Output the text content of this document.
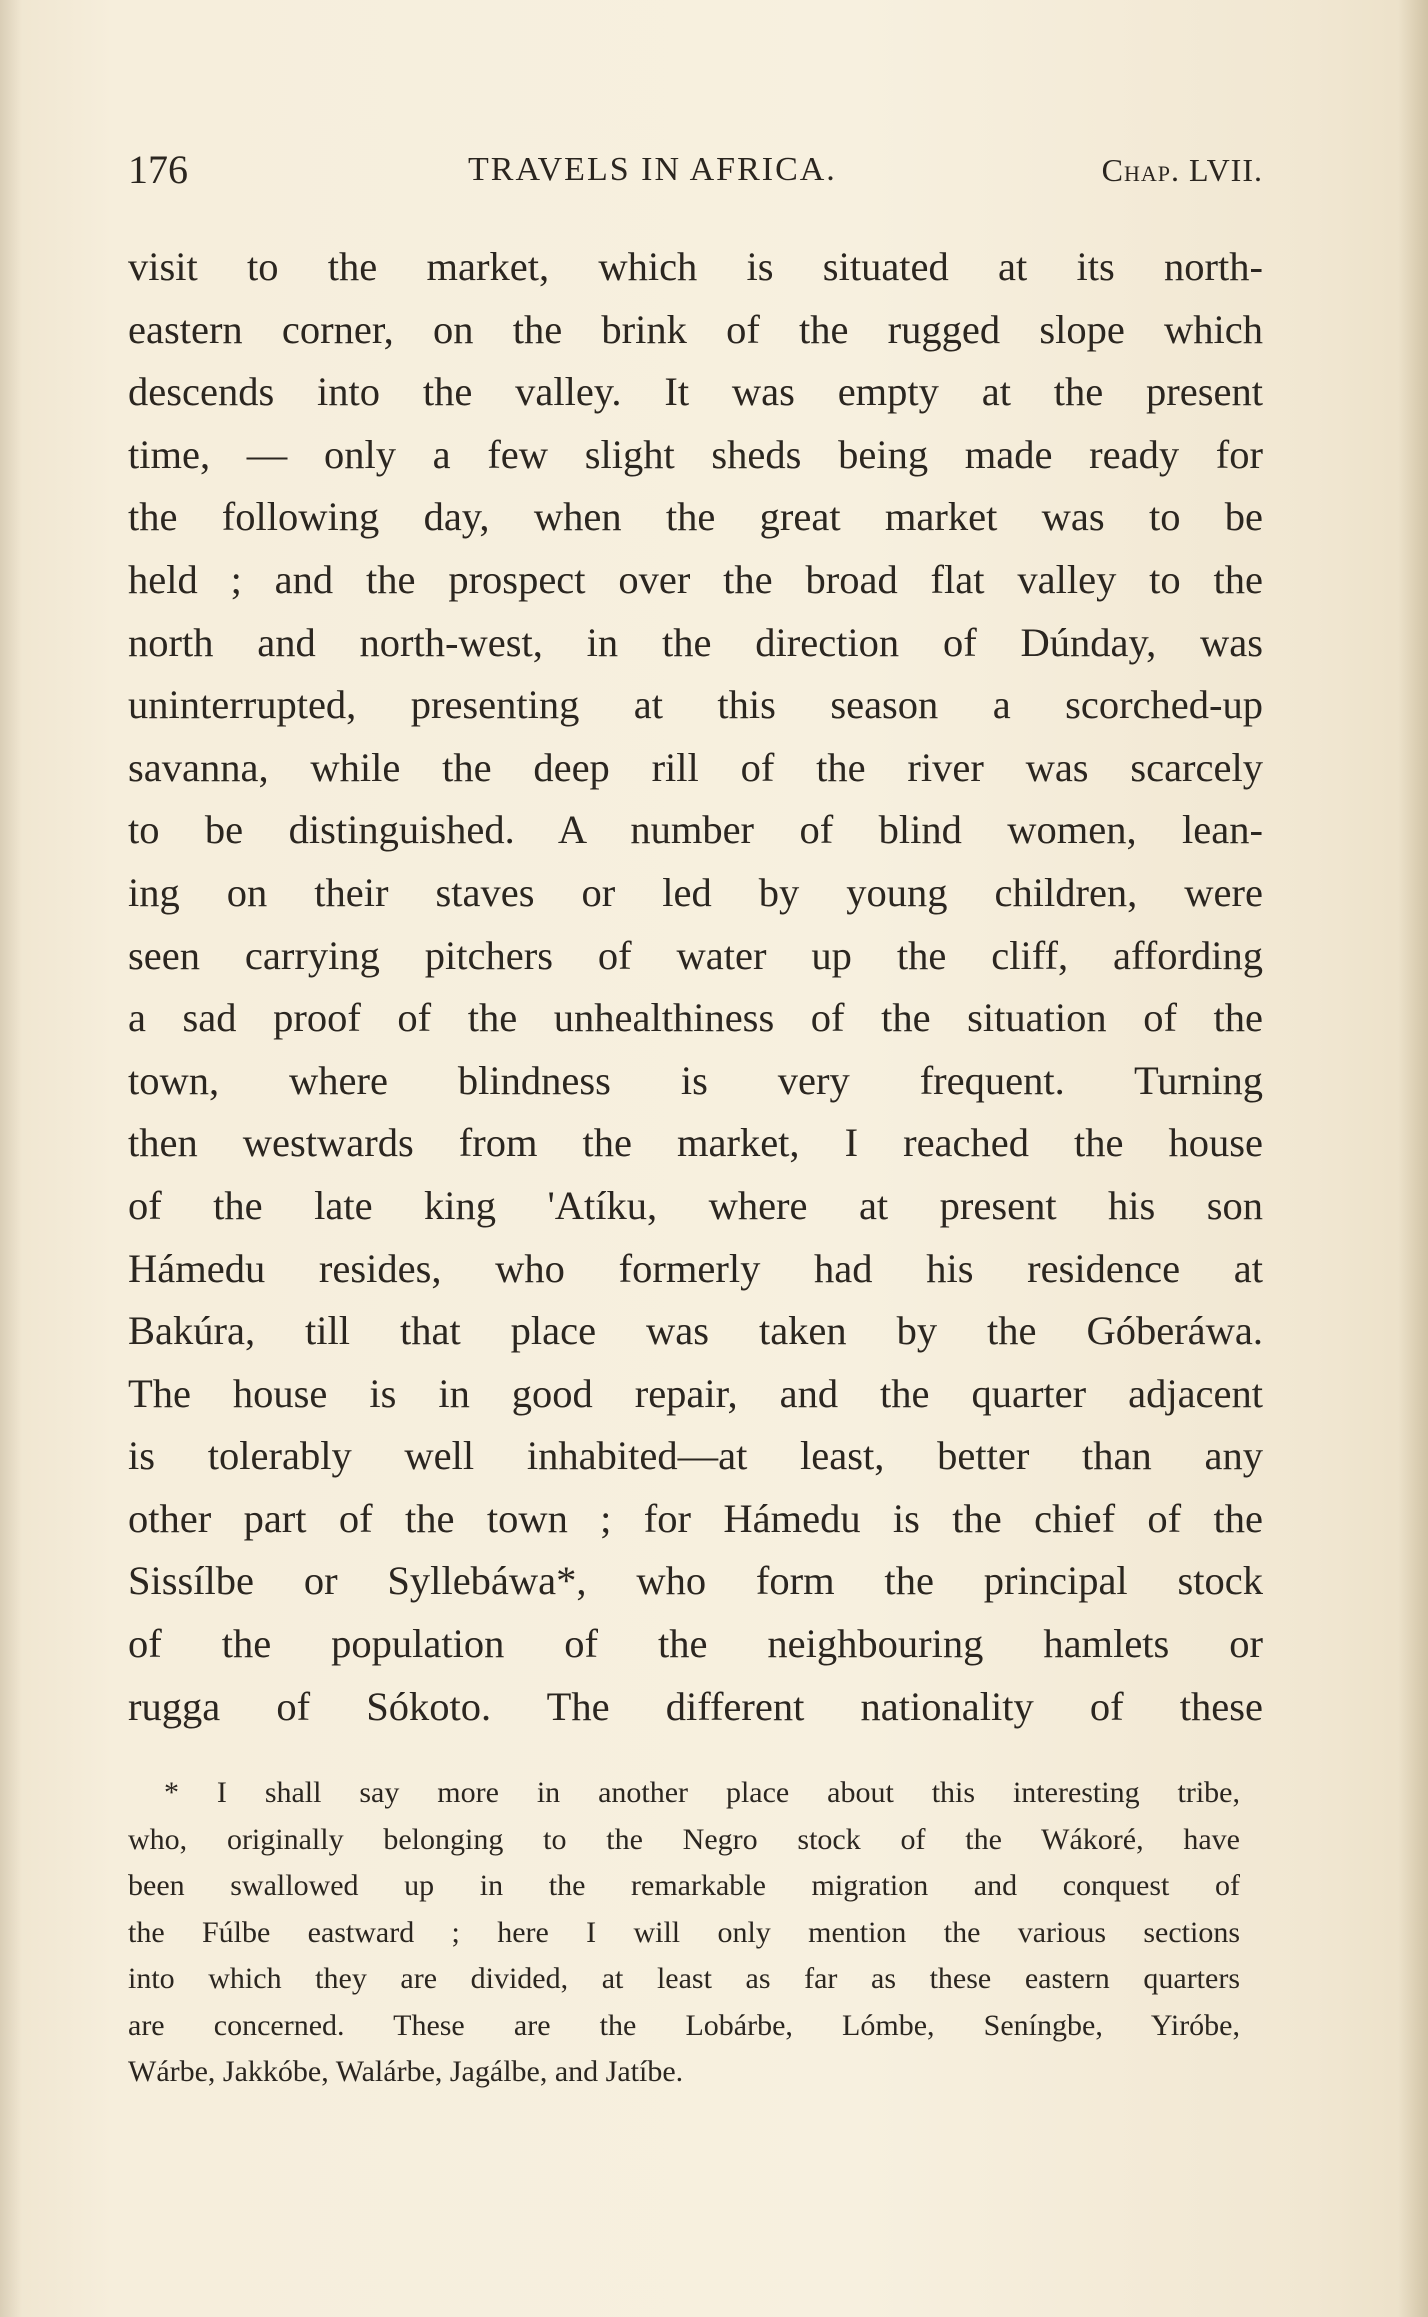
176	TRAVELS IN AFRICA.	Chap. LVII.
visit to the market, which is situated at its north-
eastern corner, on the brink of the rugged slope which
descends into the valley. It was empty at the present
time, — only a few slight sheds being made ready for
the following day, when the great market was to be
held ; and the prospect over the broad flat valley to the
north and north-west, in the direction of Dúnday, was
uninterrupted, presenting at this season a scorched-up
savanna, while the deep rill of the river was scarcely
to be distinguished. A number of blind women, lean-
ing on their staves or led by young children, were
seen carrying pitchers of water up the cliff, affording
a sad proof of the unhealthiness of the situation of the
town, where blindness is very frequent. Turning
then westwards from the market, I reached the house
of the late king 'Atíku, where at present his son
Hámedu resides, who formerly had his residence at
Bakúra, till that place was taken by the Góberáwa.
The house is in good repair, and the quarter adjacent
is tolerably well inhabited—at least, better than any
other part of the town ; for Hámedu is the chief of the
Sissílbe or Syllebáwa*, who form the principal stock
of the population of the neighbouring hamlets or
rugga of Sókoto. The different nationality of these
* I shall say more in another place about this interesting tribe,
who, originally belonging to the Negro stock of the Wákoré, have
been swallowed up in the remarkable migration and conquest of
the Fúlbe eastward ; here I will only mention the various sections
into which they are divided, at least as far as these eastern quarters
are concerned. These are the Lobárbe, Lómbe, Seníngbe, Yiróbe,
Wárbe, Jakkóbe, Walárbe, Jagálbe, and Jatíbe.
